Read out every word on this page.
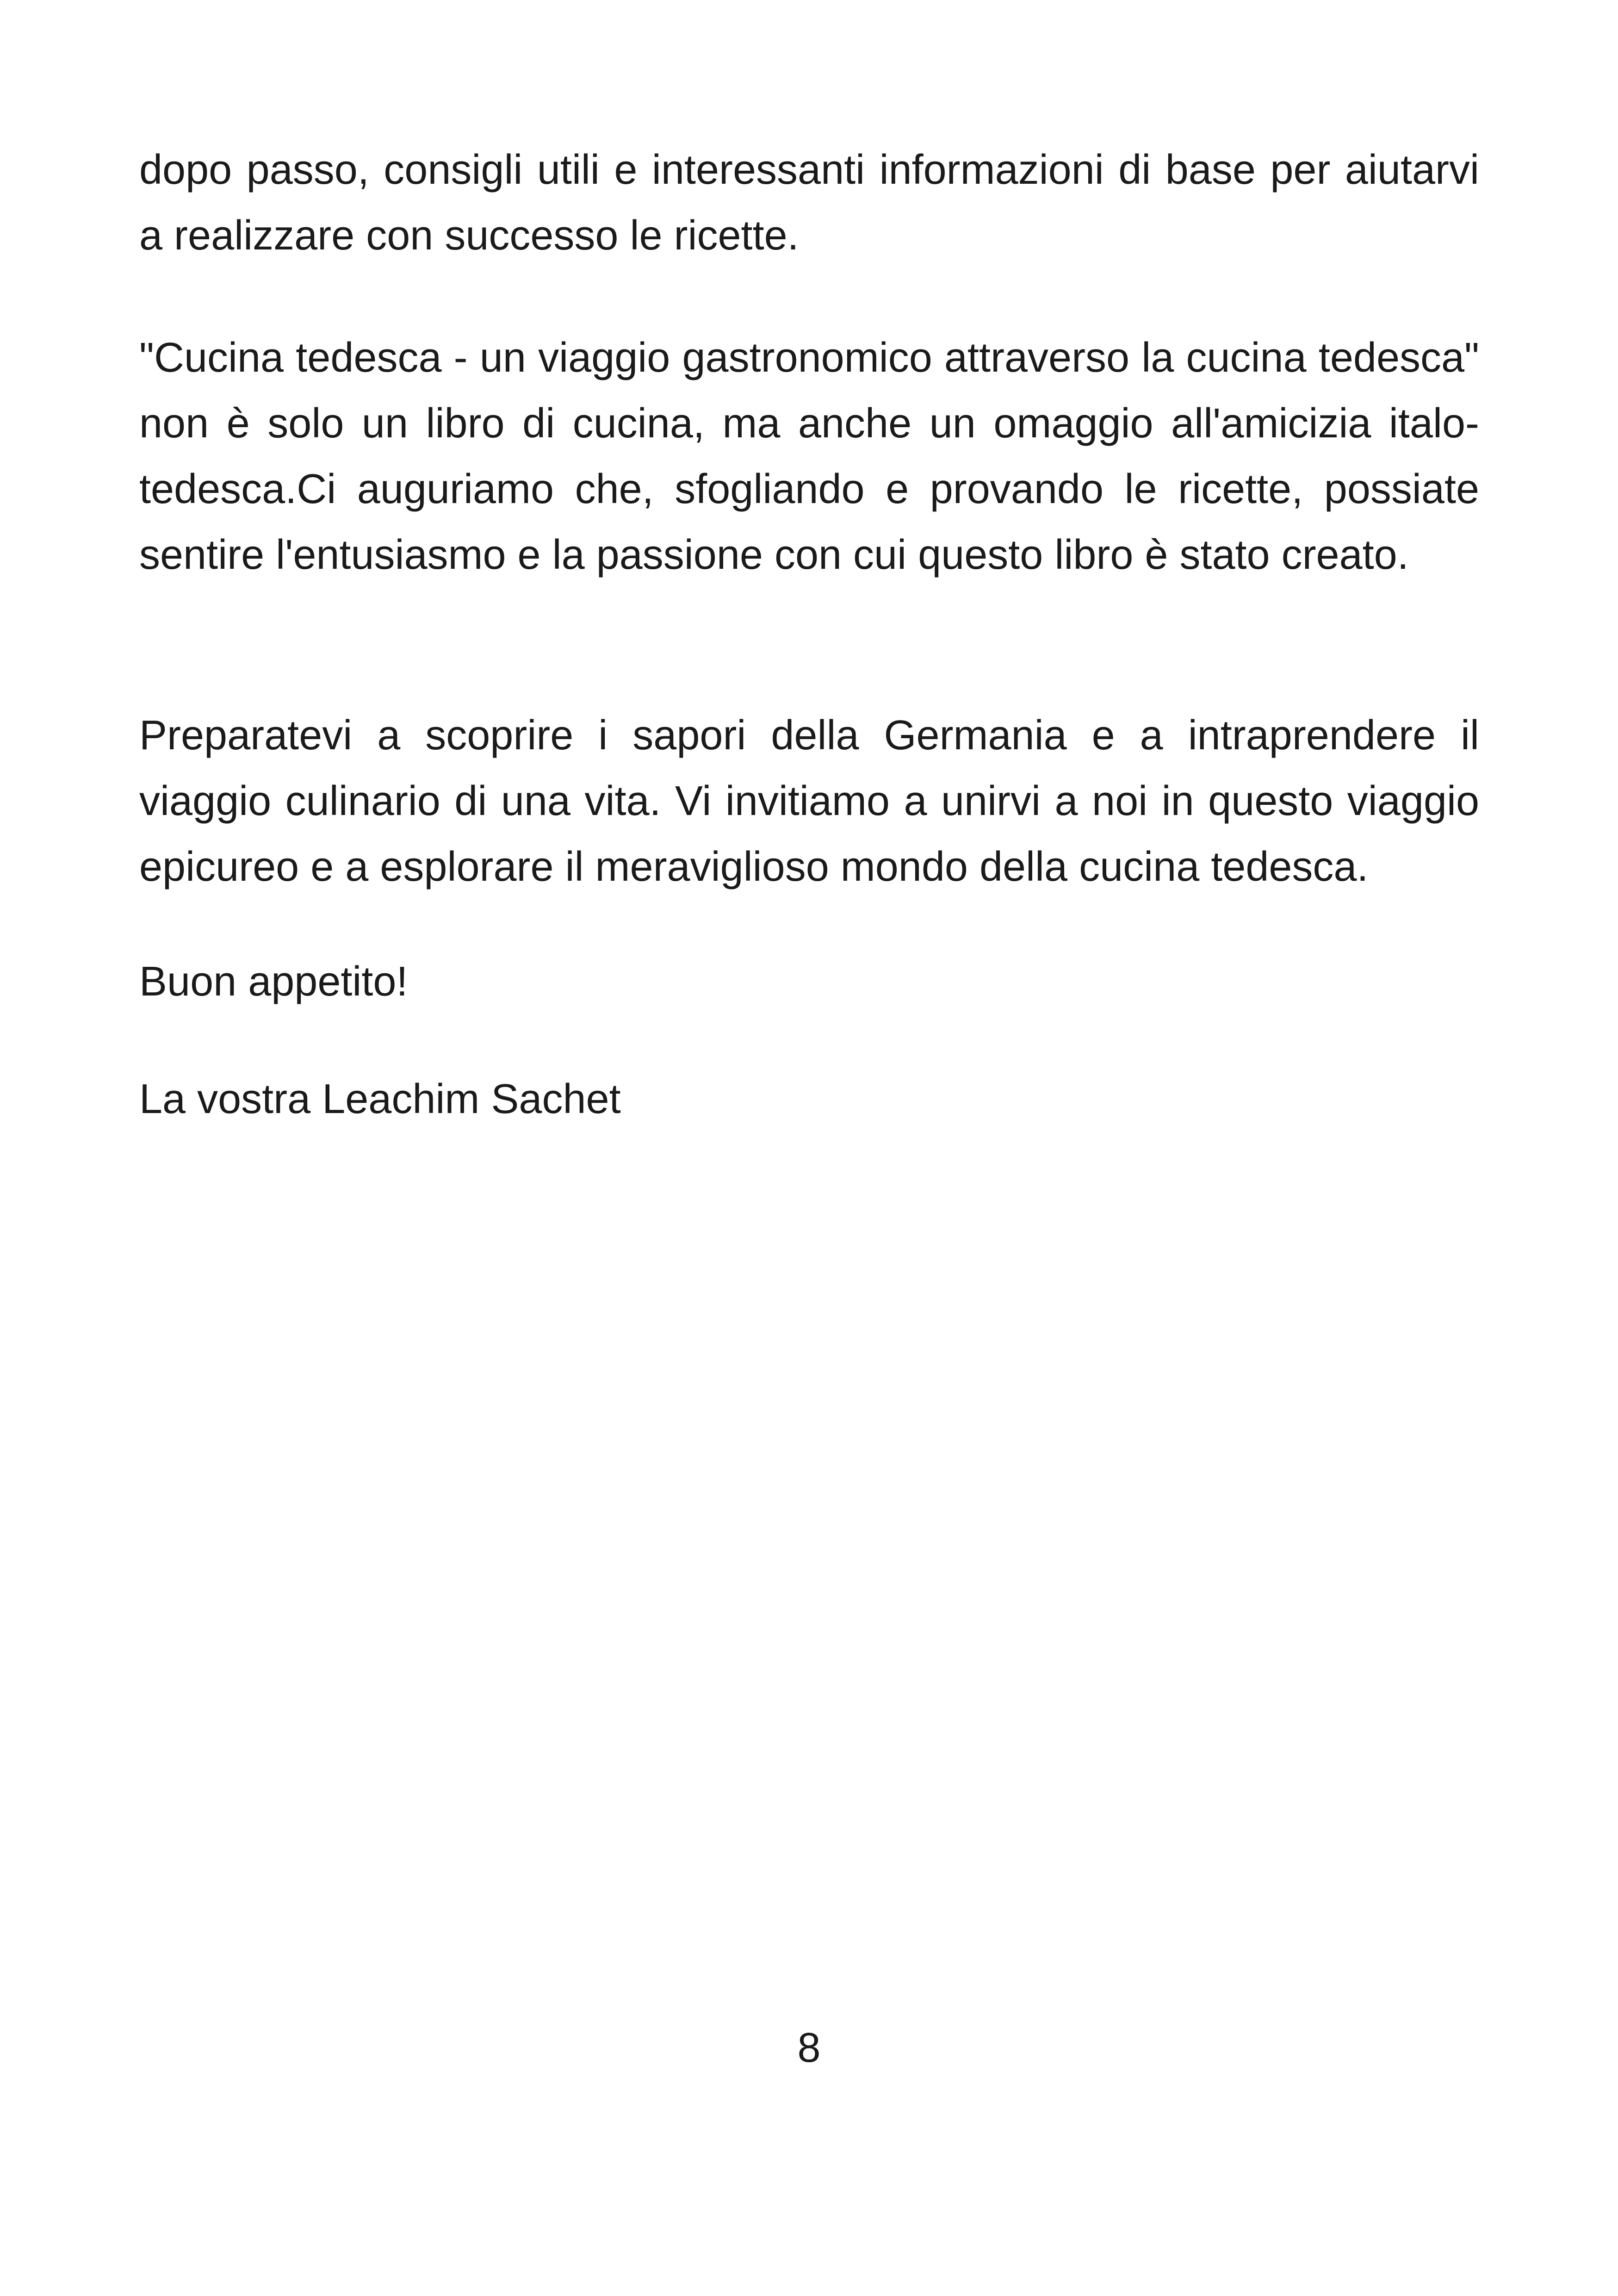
dopo passo, consigli utili e interessanti informazioni di base per aiutarvi a realizzare con successo le ricette.

"Cucina tedesca - un viaggio gastronomico attraverso la cucina tedesca" non è solo un libro di cucina, ma anche un omaggio all'amicizia italo-tedesca.Ci auguriamo che, sfogliando e provando le ricette, possiate sentire l'entusiasmo e la passione con cui questo libro è stato creato.

Preparatevi a scoprire i sapori della Germania e a intraprendere il viaggio culinario di una vita. Vi invitiamo a unirvi a noi in questo viaggio epicureo e a esplorare il meraviglioso mondo della cucina tedesca.

Buon appetito!

La vostra Leachim Sachet

8
